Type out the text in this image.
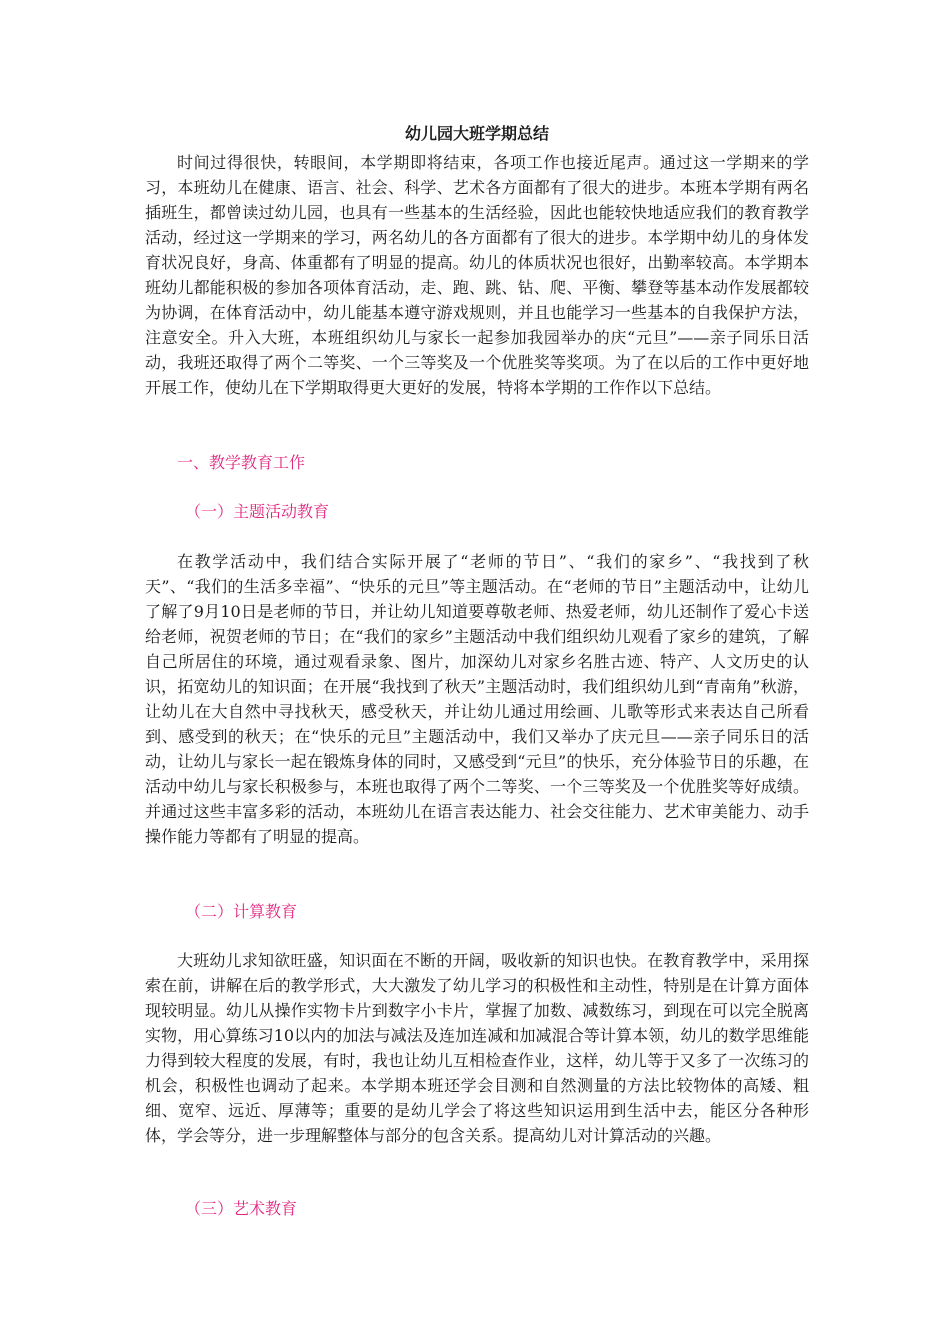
幼儿园大班学期总结

时间过得很快，转眼间，本学期即将结束，各项工作也接近尾声。通过这一学期来的学习，本班幼儿在健康、语言、社会、科学、艺术各方面都有了很大的进步。本班本学期有两名插班生，都曾读过幼儿园，也具有一些基本的生活经验，因此也能较快地适应我们的教育教学活动，经过这一学期来的学习，两名幼儿的各方面都有了很大的进步。本学期中幼儿的身体发育状况良好，身高、体重都有了明显的提高。幼儿的体质状况也很好，出勤率较高。本学期本班幼儿都能积极的参加各项体育活动，走、跑、跳、钻、爬、平衡、攀登等基本动作发展都较为协调，在体育活动中，幼儿能基本遵守游戏规则，并且也能学习一些基本的自我保护方法，注意安全。升入大班，本班组织幼儿与家长一起参加我园举办的庆“元旦”——亲子同乐日活动，我班还取得了两个二等奖、一个三等奖及一个优胜奖等奖项。为了在以后的工作中更好地开展工作，使幼儿在下学期取得更大更好的发展，特将本学期的工作作以下总结。

一、教学教育工作

（一）主题活动教育

在教学活动中，我们结合实际开展了“老师的节日”、“我们的家乡”、“我找到了秋天”、“我们的生活多幸福”、“快乐的元旦”等主题活动。在“老师的节日”主题活动中，让幼儿了解了9月10日是老师的节日，并让幼儿知道要尊敬老师、热爱老师，幼儿还制作了爱心卡送给老师，祝贺老师的节日；在“我们的家乡”主题活动中我们组织幼儿观看了家乡的建筑，了解自己所居住的环境，通过观看录象、图片，加深幼儿对家乡名胜古迹、特产、人文历史的认识，拓宽幼儿的知识面；在开展“我找到了秋天”主题活动时，我们组织幼儿到“青南角”秋游，让幼儿在大自然中寻找秋天，感受秋天，并让幼儿通过用绘画、儿歌等形式来表达自己所看到、感受到的秋天；在“快乐的元旦”主题活动中，我们又举办了庆元旦——亲子同乐日的活动，让幼儿与家长一起在锻炼身体的同时，又感受到“元旦”的快乐，充分体验节日的乐趣，在活动中幼儿与家长积极参与，本班也取得了两个二等奖、一个三等奖及一个优胜奖等好成绩。并通过这些丰富多彩的活动，本班幼儿在语言表达能力、社会交往能力、艺术审美能力、动手操作能力等都有了明显的提高。

（二）计算教育

大班幼儿求知欲旺盛，知识面在不断的开阔，吸收新的知识也快。在教育教学中，采用探索在前，讲解在后的教学形式，大大激发了幼儿学习的积极性和主动性，特别是在计算方面体现较明显。幼儿从操作实物卡片到数字小卡片，掌握了加数、减数练习，到现在可以完全脱离实物，用心算练习10以内的加法与减法及连加连减和加减混合等计算本领，幼儿的数学思维能力得到较大程度的发展，有时，我也让幼儿互相检查作业，这样，幼儿等于又多了一次练习的机会，积极性也调动了起来。本学期本班还学会目测和自然测量的方法比较物体的高矮、粗细、宽窄、远近、厚薄等；重要的是幼儿学会了将这些知识运用到生活中去，能区分各种形体，学会等分，进一步理解整体与部分的包含关系。提高幼儿对计算活动的兴趣。

（三）艺术教育
